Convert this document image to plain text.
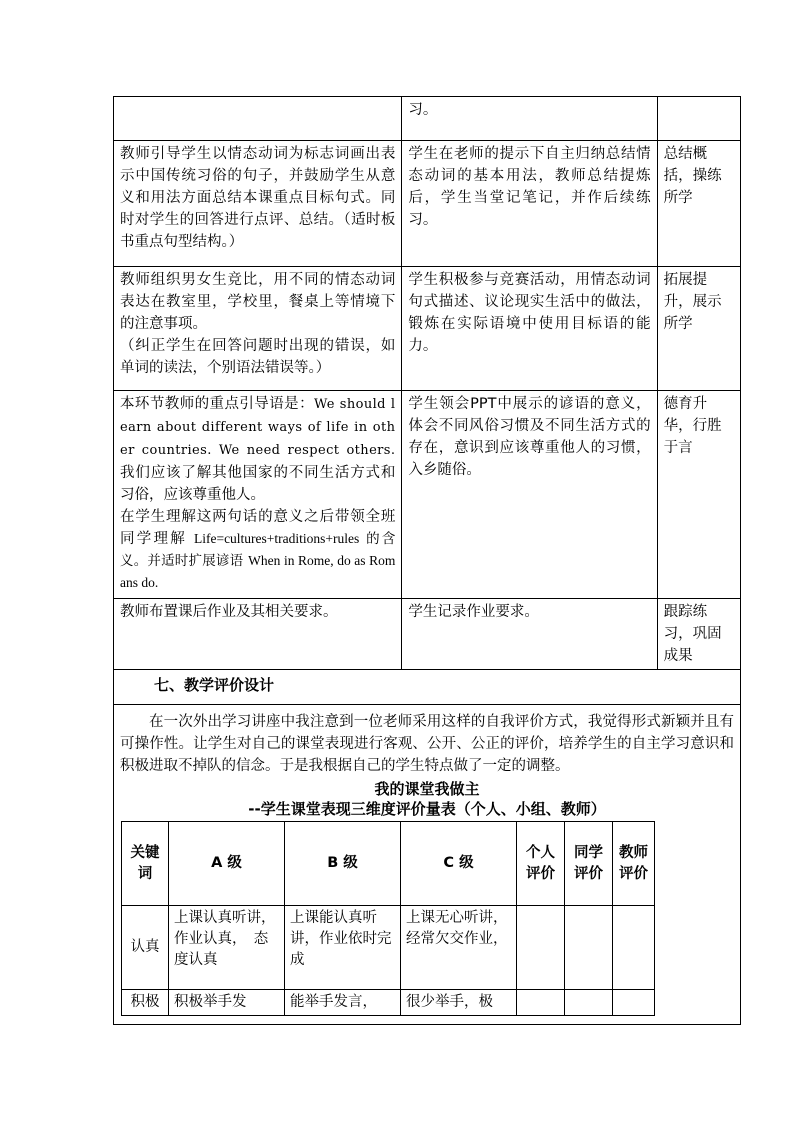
	习。	
教师引导学生以情态动词为标志词画出表示中国传统习俗的句子，并鼓励学生从意义和用法方面总结本课重点目标句式。同时对学生的回答进行点评、总结。（适时板书重点句型结构。）	学生在老师的提示下自主归纳总结情态动词的基本用法，教师总结提炼后，学生当堂记笔记，并作后续练习。	总结概括，操练所学

教师组织男女生竞比，用不同的情态动词表达在教室里，学校里，餐桌上等情境下的注意事项。
（纠正学生在回答问题时出现的错误，如单词的读法，个别语法错误等。）
	学生积极参与竞赛活动，用情态动词句式描述、议论现实生活中的做法，锻炼在实际语境中使用目标语的能力。	拓展提升，展示所学
本环节教师的重点引导语是：We should learn about different ways of life in other countries. We need respect others. 我们应该了解其他国家的不同生活方式和习俗，应该尊重他人。
在学生理解这两句话的意义之后带领全班同学理解 Life=cultures+traditions+rules 的含义。并适时扩展谚语 When in Rome, do as Romans do.	学生领会PPT中展示的谚语的意义，体会不同风俗习惯及不同生活方式的存在，意识到应该尊重他人的习惯，入乡随俗。	德育升华，行胜于言
教师布置课后作业及其相关要求。	学生记录作业要求。	跟踪练习，巩固成果

七、教学评价设计

在一次外出学习讲座中我注意到一位老师采用这样的自我评价方式，我觉得形式新颖并且有可操作性。让学生对自己的课堂表现进行客观、公开、公正的评价，培养学生的自主学习意识和积极进取不掉队的信念。于是我根据自己的学生特点做了一定的调整。

我的课堂我做主
--学生课堂表现三维度评价量表（个人、小组、教师）
关键词	A 级	B 级	C 级	个人评价	同学评价	教师评价
认真	上课认真听讲，作业认真，　态度认真	上课能认真听讲，作业依时完成	上课无心听讲，经常欠交作业，			
积极	积极举手发	能举手发言，	很少举手，极			
